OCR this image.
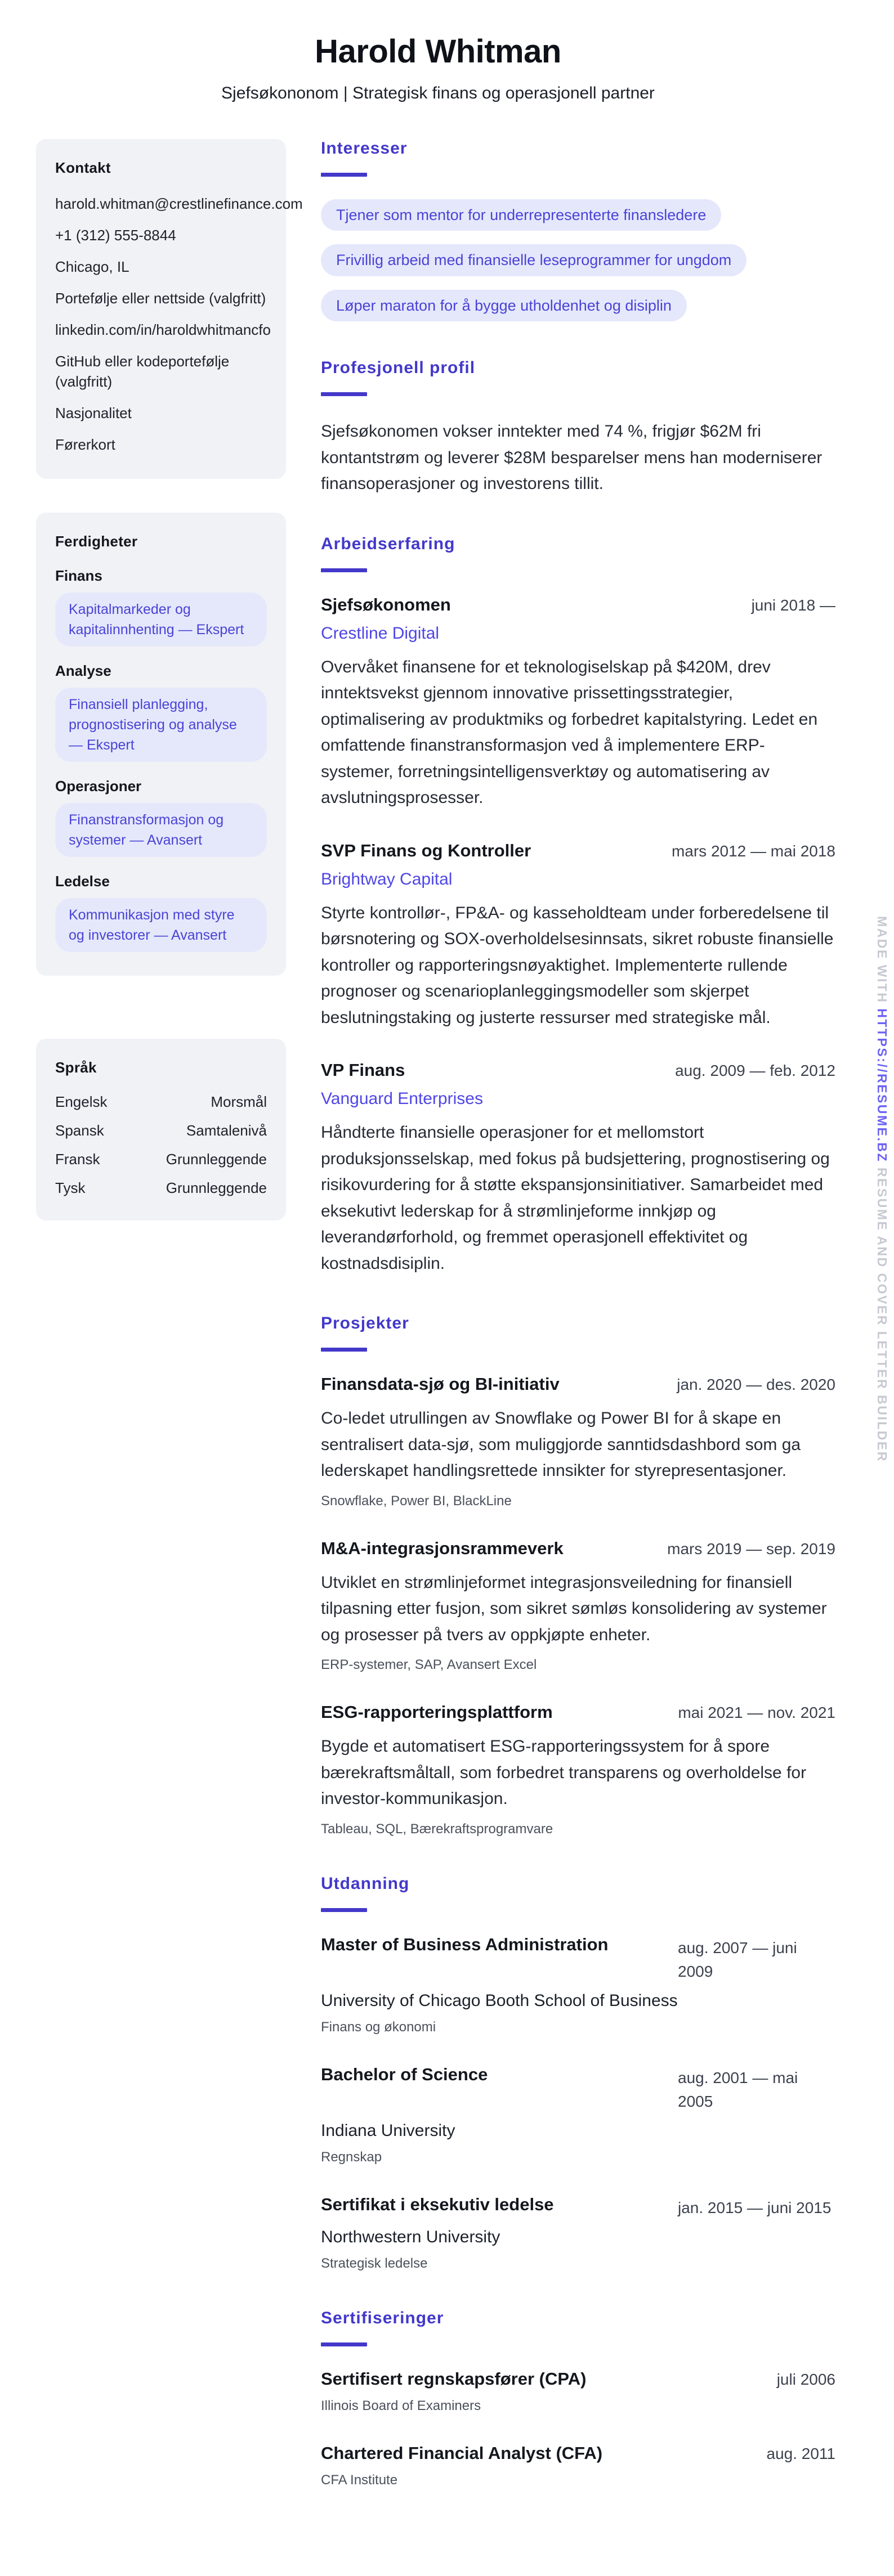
Harold Whitman
Sjefsøkononom | Strategisk finans og operasjonell partner
Kontakt
harold.whitman@crestlinefinance.com
+1 (312) 555-8844
Chicago, IL
Portefølje eller nettside (valgfritt)
linkedin.com/in/haroldwhitmancfo
GitHub eller kodeportefølje (valgfritt)
Nasjonalitet
Førerkort
Ferdigheter
Finans
Kapitalmarkeder og kapitalinnhenting — Ekspert
Analyse
Finansiell planlegging, prognostisering og analyse — Ekspert
Operasjoner
Finanstransformasjon og systemer — Avansert
Ledelse
Kommunikasjon med styre og investorer — Avansert
Språk
Engelsk	Morsmål
Spansk	Samtalenivå
Fransk	Grunnleggende
Tysk	Grunnleggende
Interesser
Tjener som mentor for underrepresenterte finansledere
Frivillig arbeid med finansielle leseprogrammer for ungdom
Løper maraton for å bygge utholdenhet og disiplin
Profesjonell profil

Sjefsøkonomen vokser inntekter med 74 %, frigjør $62M fri kontantstrøm og leverer $28M besparelser mens han moderniserer finansoperasjoner og investorens tillit.

Arbeidserfaring
Sjefsøkonomen	juni 2018 —
Crestline Digital

Overvåket finansene for et teknologiselskap på $420M, drev inntektsvekst gjennom innovative prissettingsstrategier, optimalisering av produktmiks og forbedret kapitalstyring. Ledet en omfattende finanstransformasjon ved å implementere ERP-systemer, forretningsintelligensverktøy og automatisering av avslutningsprosesser.

SVP Finans og Kontroller	mars 2012 — mai 2018
Brightway Capital

Styrte kontrollør-, FP&A- og kasseholdteam under forberedelsene til børsnotering og SOX-overholdelsesinnsats, sikret robuste finansielle kontroller og rapporteringsnøyaktighet. Implementerte rullende prognoser og scenarioplanleggingsmodeller som skjerpet beslutningstaking og justerte ressurser med strategiske mål.

VP Finans	aug. 2009 — feb. 2012
Vanguard Enterprises

Håndterte finansielle operasjoner for et mellomstort produksjonsselskap, med fokus på budsjettering, prognostisering og risikovurdering for å støtte ekspansjonsinitiativer. Samarbeidet med eksekutivt lederskap for å strømlinjeforme innkjøp og leverandørforhold, og fremmet operasjonell effektivitet og kostnadsdisiplin.

Prosjekter
Finansdata-sjø og BI-initiativ	jan. 2020 — des. 2020

Co-ledet utrullingen av Snowflake og Power BI for å skape en sentralisert data-sjø, som muliggjorde sanntidsdashbord som ga lederskapet handlingsrettede innsikter for styrepresentasjoner.

Snowflake, Power BI, BlackLine
M&A-integrasjonsrammeverk	mars 2019 — sep. 2019

Utviklet en strømlinjeformet integrasjonsveiledning for finansiell tilpasning etter fusjon, som sikret sømløs konsolidering av systemer og prosesser på tvers av oppkjøpte enheter.

ERP-systemer, SAP, Avansert Excel
ESG-rapporteringsplattform	mai 2021 — nov. 2021

Bygde et automatisert ESG-rapporteringssystem for å spore bærekraftsmåltall, som forbedret transparens og overholdelse for investor-kommunikasjon.

Tableau, SQL, Bærekraftsprogramvare
Utdanning
Master of Business Administration	aug. 2007 — juni 2009
University of Chicago Booth School of Business
Finans og økonomi
Bachelor of Science	aug. 2001 — mai 2005
Indiana University
Regnskap
Sertifikat i eksekutiv ledelse	jan. 2015 — juni 2015
Northwestern University
Strategisk ledelse
Sertifiseringer
Sertifisert regnskapsfører (CPA)	juli 2006
Illinois Board of Examiners
Chartered Financial Analyst (CFA)	aug. 2011
CFA Institute
MADE WITH HTTPS://RESUME.BZ RESUME AND COVER LETTER BUILDER
